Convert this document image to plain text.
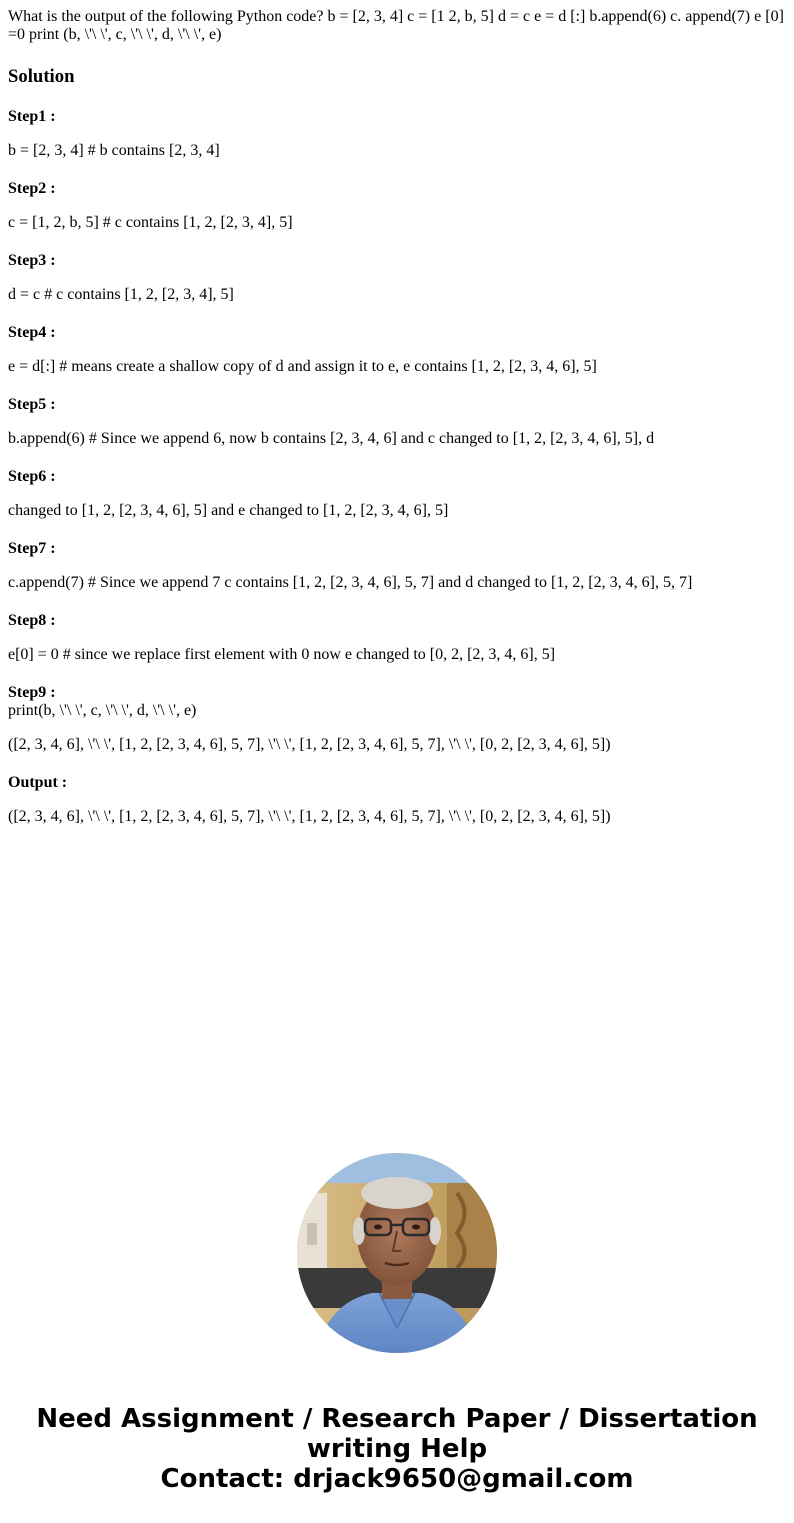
What is the output of the following Python code? b = [2, 3, 4] c = [1 2, b, 5] d = c e = d [:] b.append(6) c. append(7) e [0] =0 print (b, \'\ \', c, \'\ \', d, \'\ \', e)

Solution

Step1 :

b = [2, 3, 4] # b contains [2, 3, 4]

Step2 :

c = [1, 2, b, 5] # c contains [1, 2, [2, 3, 4], 5]

Step3 :

d = c # c contains [1, 2, [2, 3, 4], 5]

Step4 :

e = d[:] # means create a shallow copy of d and assign it to e, e contains [1, 2, [2, 3, 4, 6], 5]

Step5 :

b.append(6) # Since we append 6, now b contains [2, 3, 4, 6] and c changed to [1, 2, [2, 3, 4, 6], 5], d

Step6 :

changed to [1, 2, [2, 3, 4, 6], 5] and e changed to [1, 2, [2, 3, 4, 6], 5]

Step7 :

c.append(7) # Since we append 7 c contains [1, 2, [2, 3, 4, 6], 5, 7] and d changed to [1, 2, [2, 3, 4, 6], 5, 7]

Step8 :

e[0] = 0 # since we replace first element with 0 now e changed to [0, 2, [2, 3, 4, 6], 5]

Step9 :

print(b, \'\ \', c, \'\ \', d, \'\ \', e)

([2, 3, 4, 6], \'\ \', [1, 2, [2, 3, 4, 6], 5, 7], \'\ \', [1, 2, [2, 3, 4, 6], 5, 7], \'\ \', [0, 2, [2, 3, 4, 6], 5])

Output :

([2, 3, 4, 6], \'\ \', [1, 2, [2, 3, 4, 6], 5, 7], \'\ \', [1, 2, [2, 3, 4, 6], 5, 7], \'\ \', [0, 2, [2, 3, 4, 6], 5])

Need Assignment / Research Paper / Dissertation
writing Help
Contact: drjack9650@gmail.com
